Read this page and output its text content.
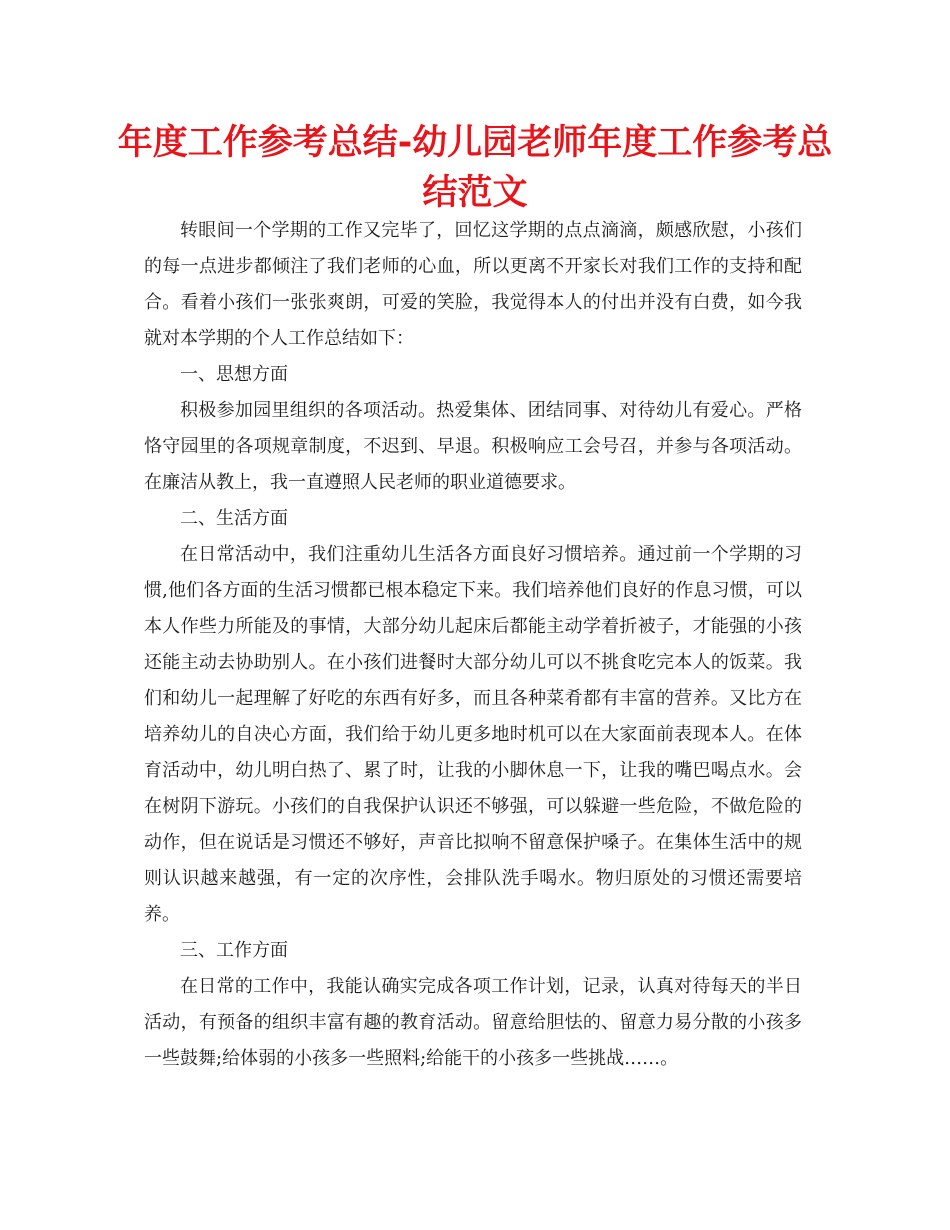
年度工作参考总结-幼儿园老师年度工作参考总结范文

转眼间一个学期的工作又完毕了，回忆这学期的点点滴滴，颇感欣慰，小孩们的每一点进步都倾注了我们老师的心血，所以更离不开家长对我们工作的支持和配合。看着小孩们一张张爽朗，可爱的笑脸，我觉得本人的付出并没有白费，如今我就对本学期的个人工作总结如下：

一、思想方面

积极参加园里组织的各项活动。热爱集体、团结同事、对待幼儿有爱心。严格恪守园里的各项规章制度，不迟到、早退。积极响应工会号召，并参与各项活动。在廉洁从教上，我一直遵照人民老师的职业道德要求。

二、生活方面

在日常活动中，我们注重幼儿生活各方面良好习惯培养。通过前一个学期的习惯,他们各方面的生活习惯都已根本稳定下来。我们培养他们良好的作息习惯，可以本人作些力所能及的事情，大部分幼儿起床后都能主动学着折被子，才能强的小孩还能主动去协助别人。在小孩们进餐时大部分幼儿可以不挑食吃完本人的饭菜。我们和幼儿一起理解了好吃的东西有好多，而且各种菜肴都有丰富的营养。又比方在培养幼儿的自决心方面，我们给于幼儿更多地时机可以在大家面前表现本人。在体育活动中，幼儿明白热了、累了时，让我的小脚休息一下，让我的嘴巴喝点水。会在树阴下游玩。小孩们的自我保护认识还不够强，可以躲避一些危险，不做危险的动作，但在说话是习惯还不够好，声音比拟响不留意保护嗓子。在集体生活中的规则认识越来越强，有一定的次序性，会排队洗手喝水。物归原处的习惯还需要培养。

三、工作方面

在日常的工作中，我能认确实完成各项工作计划，记录，认真对待每天的半日活动，有预备的组织丰富有趣的教育活动。留意给胆怯的、留意力易分散的小孩多一些鼓舞;给体弱的小孩多一些照料;给能干的小孩多一些挑战……。
